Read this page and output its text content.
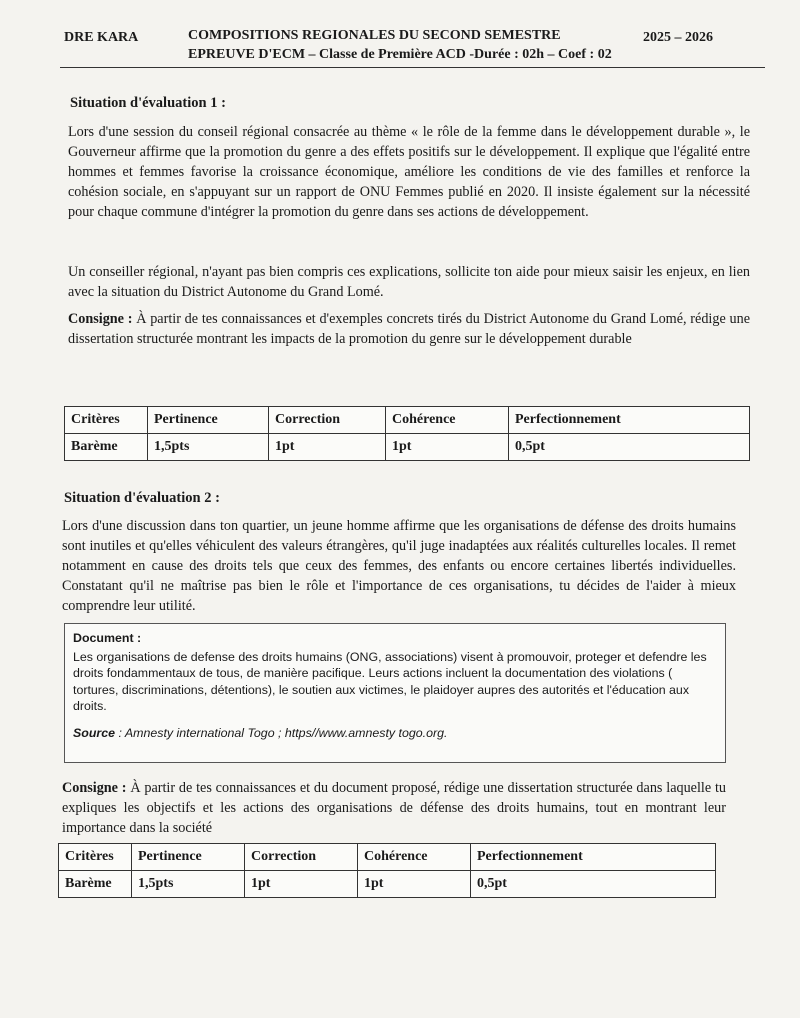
DRE KARA	COMPOSITIONS REGIONALES DU SECOND SEMESTRE
EPREUVE D'ECM – Classe de Première ACD -Durée : 02h – Coef : 02
2025 – 2026
Situation d'évaluation 1 :
Lors d'une session du conseil régional consacrée au thème « le rôle de la femme dans le développement durable », le Gouverneur affirme que la promotion du genre a des effets positifs sur le développement. Il explique que l'égalité entre hommes et femmes favorise la croissance économique, améliore les conditions de vie des familles et renforce la cohésion sociale, en s'appuyant sur un rapport de ONU Femmes publié en 2020. Il insiste également sur la nécessité pour chaque commune d'intégrer la promotion du genre dans ses actions de développement.
Un conseiller régional, n'ayant pas bien compris ces explications, sollicite ton aide pour mieux saisir les enjeux, en lien avec la situation du District Autonome du Grand Lomé.
Consigne : À partir de tes connaissances et d'exemples concrets tirés du District Autonome du Grand Lomé, rédige une dissertation structurée montrant les impacts de la promotion du genre sur le développement durable
Critères	Pertinence	Correction	Cohérence	Perfectionnement
Barème	1,5pts	1pt	1pt	0,5pt
Situation d'évaluation 2 :
Lors d'une discussion dans ton quartier, un jeune homme affirme que les organisations de défense des droits humains sont inutiles et qu'elles véhiculent des valeurs étrangères, qu'il juge inadaptées aux réalités culturelles locales. Il remet notamment en cause des droits tels que ceux des femmes, des enfants ou encore certaines libertés individuelles. Constatant qu'il ne maîtrise pas bien le rôle et l'importance de ces organisations, tu décides de l'aider à mieux comprendre leur utilité.
Document :
Les organisations de defense des droits humains (ONG, associations) visent à promouvoir, proteger et defendre les droits fondammentaux de tous, de manière pacifique. Leurs actions incluent la documentation des violations ( tortures, discriminations, détentions), le soutien aux victimes, le plaidoyer aupres des autorités et l'éducation aux droits.
Source : Amnesty international Togo ; https//www.amnesty togo.org.
Consigne : À partir de tes connaissances et du document proposé, rédige une dissertation structurée dans laquelle tu expliques les objectifs et les actions des organisations de défense des droits humains, tout en montrant leur importance dans la société
Critères	Pertinence	Correction	Cohérence	Perfectionnement
Barème	1,5pts	1pt	1pt	0,5pt
